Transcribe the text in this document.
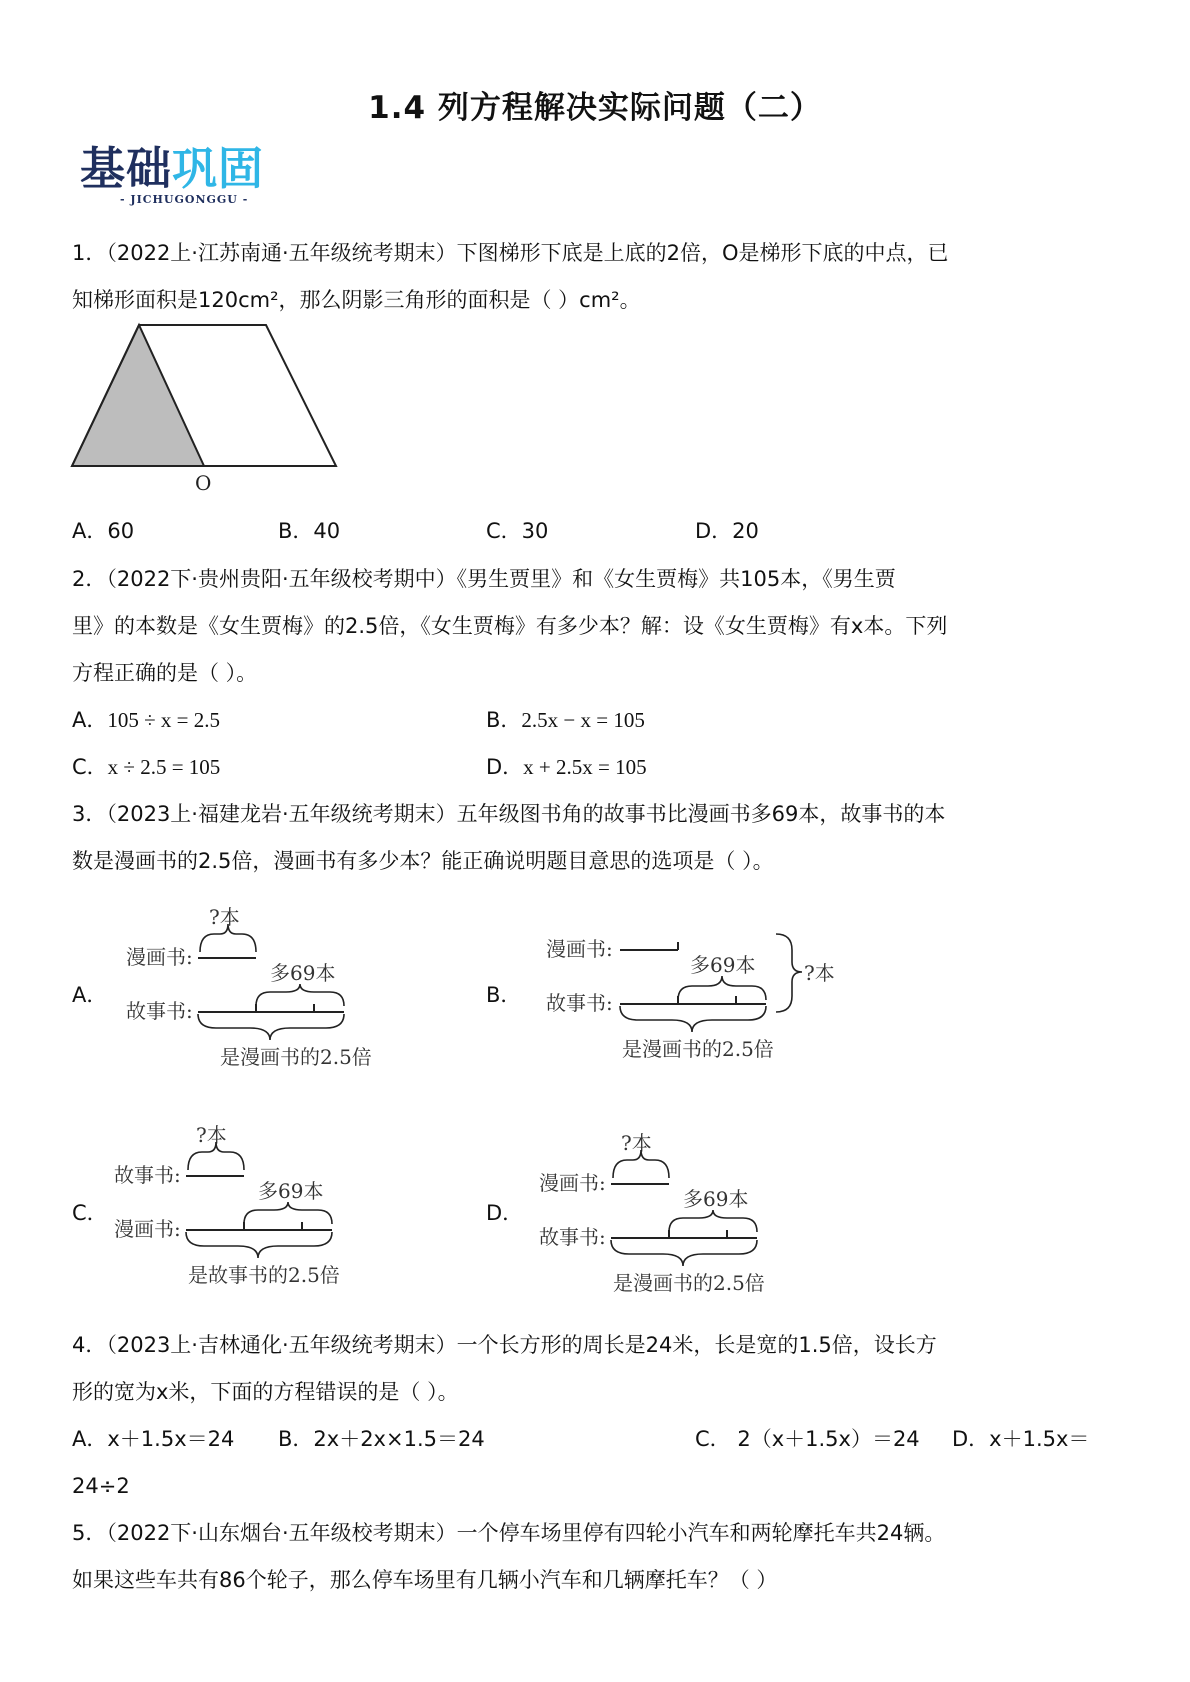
1.4 列方程解决实际问题（二）
基础巩固
- JICHUGONGGU -
1．（2022上·江苏南通·五年级统考期末）下图梯形下底是上底的2倍，O是梯形下底的中点，已
知梯形面积是120cm²，那么阴影三角形的面积是（ ）cm²。
O
A．60	B．40	C．30	D．20
2．（2022下·贵州贵阳·五年级校考期中）《男生贾里》和《女生贾梅》共105本，《男生贾
里》的本数是《女生贾梅》的2.5倍，《女生贾梅》有多少本？解：设《女生贾梅》有x本。下列
方程正确的是（ ）。
A．105 ÷ x = 2.5	B．2.5x − x = 105
C．x ÷ 2.5 = 105	D．x + 2.5x = 105
3．（2023上·福建龙岩·五年级统考期末）五年级图书角的故事书比漫画书多69本，故事书的本
数是漫画书的2.5倍，漫画书有多少本？能正确说明题目意思的选项是（ ）。
A．
?本
漫画书:
多69本
故事书:
是漫画书的2.5倍
B．
漫画书:
多69本
故事书:
是漫画书的2.5倍
?本
C．
?本
故事书:
多69本
漫画书:
是故事书的2.5倍
D．
?本
漫画书:
多69本
故事书:
是漫画书的2.5倍
4．（2023上·吉林通化·五年级统考期末）一个长方形的周长是24米，长是宽的1.5倍，设长方
形的宽为x米，下面的方程错误的是（ ）。
A．x＋1.5x＝24 B．2x＋2x×1.5＝24	C． 2（x＋1.5x）＝24 D．x＋1.5x＝
24÷2
5．（2022下·山东烟台·五年级校考期末）一个停车场里停有四轮小汽车和两轮摩托车共24辆。
如果这些车共有86个轮子，那么停车场里有几辆小汽车和几辆摩托车？（ ）
